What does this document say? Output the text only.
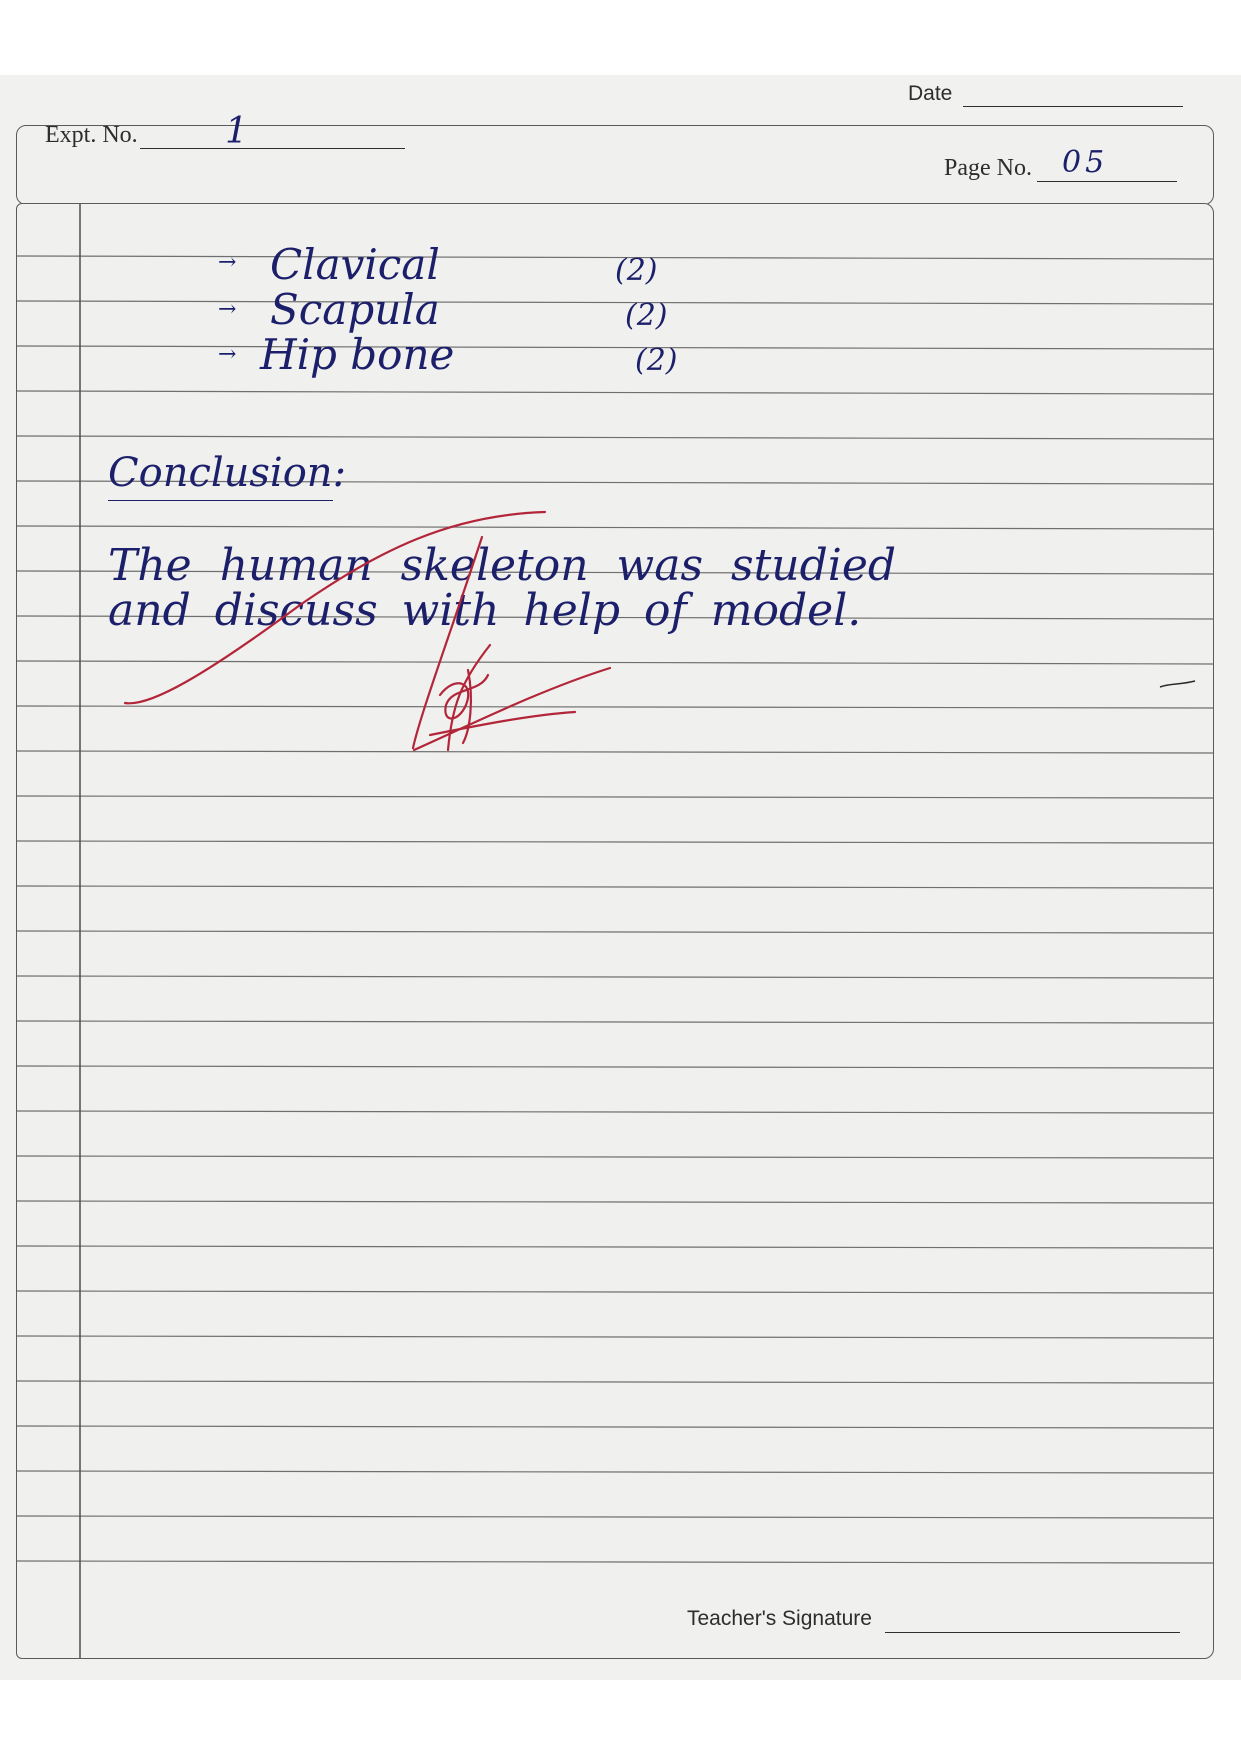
Date
Expt. No. 1
Page No. 05
→ Clavical	(2)
→ Scapula	(2)
→ Hip bone	(2)
Conclusion:
The human skeleton was studied
and discuss with help of model.
Teacher's Signature
